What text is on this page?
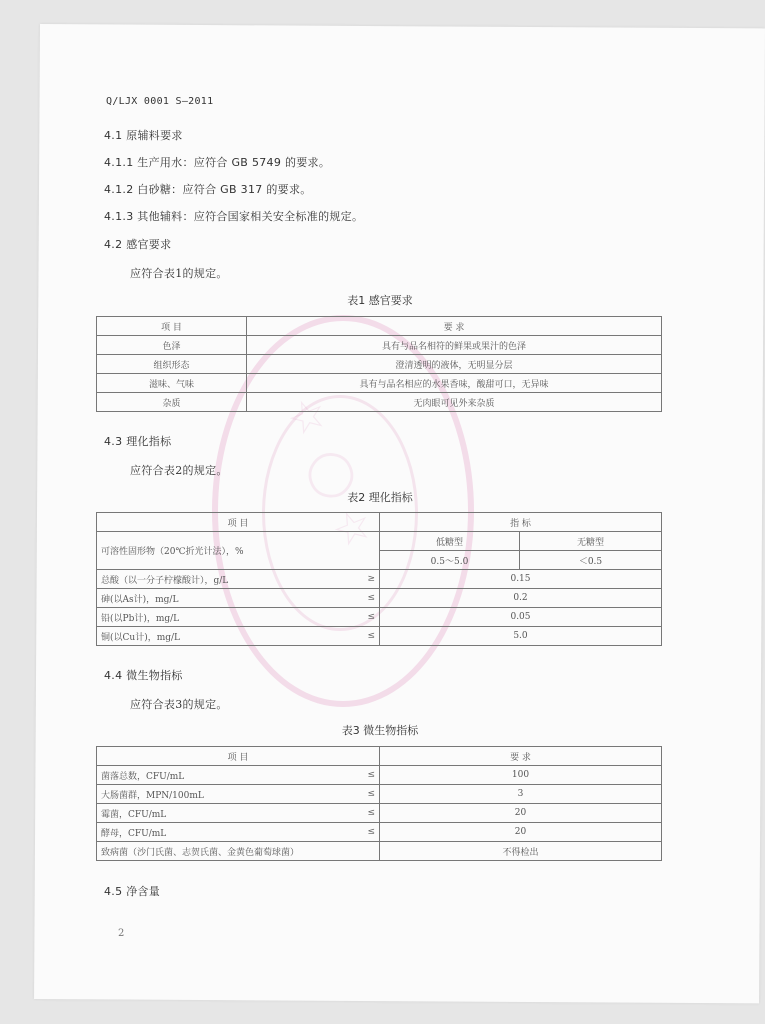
Q/LJX 0001 S—2011
4.1 原辅料要求
4.1.1 生产用水：应符合 GB 5749 的要求。
4.1.2 白砂糖：应符合 GB 317 的要求。
4.1.3 其他辅料：应符合国家相关安全标准的规定。
4.2 感官要求
应符合表1的规定。
表1 感官要求
项 目	要 求
色泽	具有与品名相符的鲜果或果汁的色泽
组织形态	澄清透明的液体，无明显分层
滋味、气味	具有与品名相应的水果香味，酸甜可口，无异味
杂质	无肉眼可见外来杂质
4.3 理化指标
应符合表2的规定。
表2 理化指标
项 目		指 标	
可溶性固形物（20℃折光计法），%		低糖型	无糖型
		0.5～5.0	＜0.5
总酸（以一分子柠檬酸计），g/L	≥	0.15	
砷(以As计)，mg/L	≤	0.2	
铅(以Pb计)，mg/L	≤	0.05	
铜(以Cu计)，mg/L	≤	5.0	
4.4 微生物指标
应符合表3的规定。
表3 微生物指标
项 目		要 求
菌落总数，CFU/mL	≤	100
大肠菌群，MPN/100mL	≤	3
霉菌，CFU/mL	≤	20
酵母，CFU/mL	≤	20
致病菌（沙门氏菌、志贺氏菌、金黄色葡萄球菌）		不得检出
4.5 净含量
2
